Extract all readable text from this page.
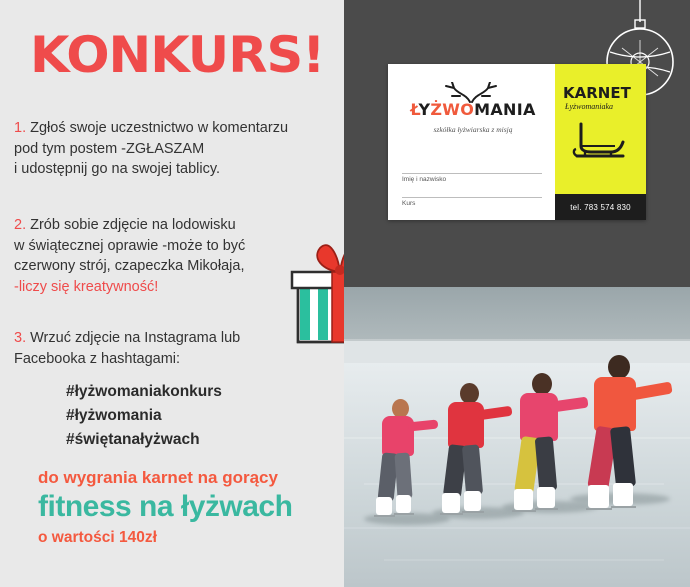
KONKURS!
1. Zgłoś swoje uczestnictwo w komentarzu
pod tym postem -ZGŁASZAM
i udostępnij go na swojej tablicy.
2. Zrób sobie zdjęcie na lodowisku
w świątecznej oprawie -może to być
czerwony strój, czapeczka Mikołaja,
-liczy się kreatywność!
3. Wrzuć zdjęcie na Instagrama lub
Facebooka z hashtagami:
#łyżwomaniakonkurs
#łyżwomania
#świętanałyżwach
do wygrania karnet na gorący
fitness na łyżwach
o wartości 140zł
ŁYŻWOMANIA
szkółka łyżwiarska z misją
Imię i nazwisko
Kurs
KARNET
Łyżwomaniaka
tel. 783 574 830
